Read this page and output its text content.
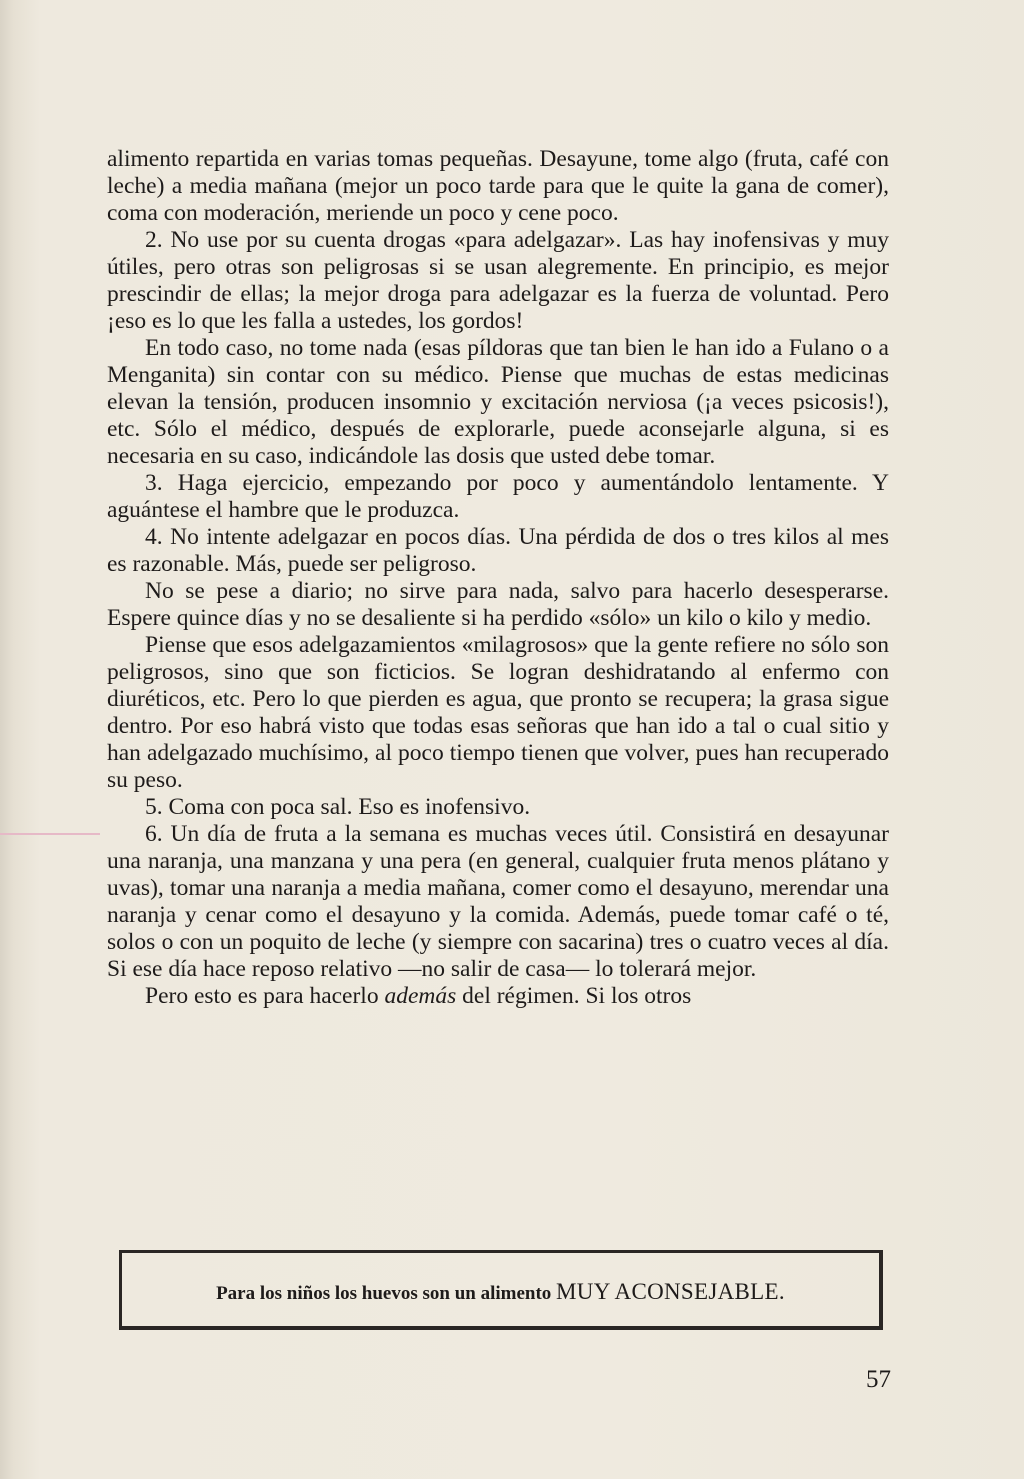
alimento repartida en varias tomas pequeñas. Desayune, tome algo (fruta, café con leche) a media mañana (mejor un poco tarde para que le quite la gana de comer), coma con moderación, meriende un poco y cene poco.

2. No use por su cuenta drogas «para adelgazar». Las hay inofensivas y muy útiles, pero otras son peligrosas si se usan alegremente. En principio, es mejor prescindir de ellas; la mejor droga para adelgazar es la fuerza de voluntad. Pero ¡eso es lo que les falla a ustedes, los gordos!

En todo caso, no tome nada (esas píldoras que tan bien le han ido a Fulano o a Menganita) sin contar con su médico. Piense que muchas de estas medicinas elevan la tensión, producen insomnio y excitación nerviosa (¡a veces psicosis!), etc. Sólo el médico, después de explorarle, puede aconsejarle alguna, si es necesaria en su caso, indicándole las dosis que usted debe tomar.

3. Haga ejercicio, empezando por poco y aumentándolo lentamente. Y aguántese el hambre que le produzca.

4. No intente adelgazar en pocos días. Una pérdida de dos o tres kilos al mes es razonable. Más, puede ser peligroso.

No se pese a diario; no sirve para nada, salvo para hacerlo desesperarse. Espere quince días y no se desaliente si ha perdido «sólo» un kilo o kilo y medio.

Piense que esos adelgazamientos «milagrosos» que la gente refiere no sólo son peligrosos, sino que son ficticios. Se logran deshidratando al enfermo con diuréticos, etc. Pero lo que pierden es agua, que pronto se recupera; la grasa sigue dentro. Por eso habrá visto que todas esas señoras que han ido a tal o cual sitio y han adelgazado muchísimo, al poco tiempo tienen que volver, pues han recuperado su peso.

5. Coma con poca sal. Eso es inofensivo.

6. Un día de fruta a la semana es muchas veces útil. Consistirá en desayunar una naranja, una manzana y una pera (en general, cualquier fruta menos plátano y uvas), tomar una naranja a media mañana, comer como el desayuno, merendar una naranja y cenar como el desayuno y la comida. Además, puede tomar café o té, solos o con un poquito de leche (y siempre con sacarina) tres o cuatro veces al día. Si ese día hace reposo relativo —no salir de casa— lo tolerará mejor.

Pero esto es para hacerlo además del régimen. Si los otros

Para los niños los huevos son un alimento MUY ACONSEJABLE.
57
